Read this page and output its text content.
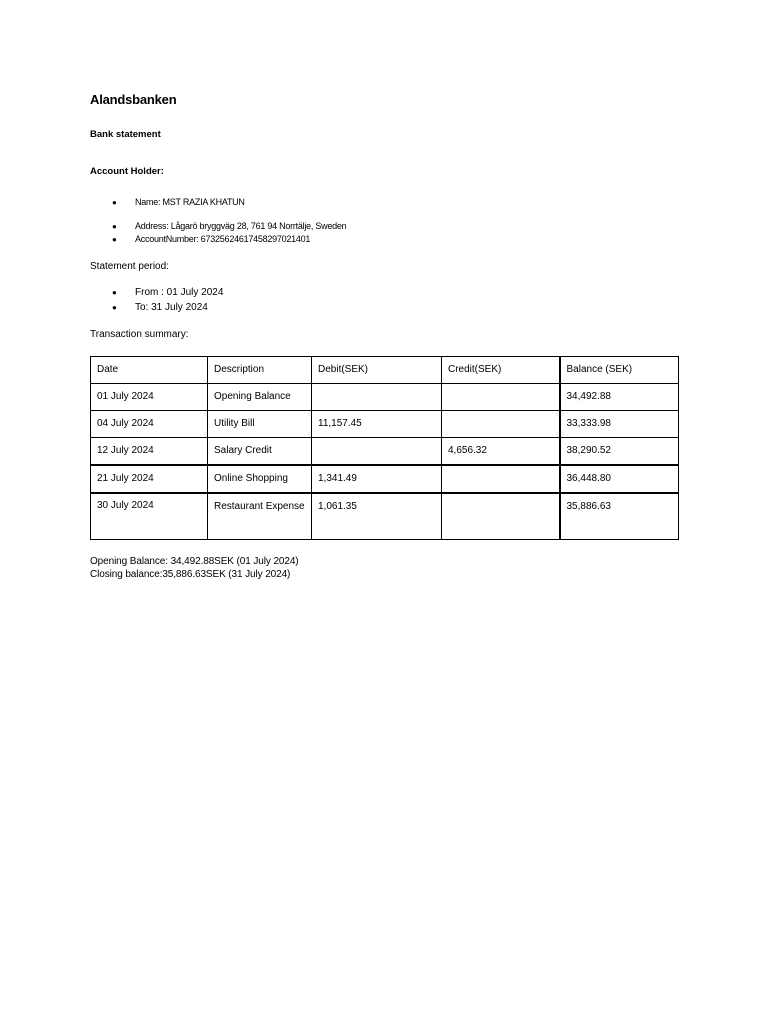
Alandsbanken
Bank statement
Account Holder:
● Name: MST RAZIA KHATUN
● Address: Lågarö bryggväg 28, 761 94 Norrtälje, Sweden
● AccountNumber: 67325624617458297021401
Statement period:
● From : 01 July 2024
● To: 31 July 2024
Transaction summary:
Date	Description	Debit(SEK)	Credit(SEK)	Balance (SEK)
01 July 2024	Opening Balance			34,492.88
04 July 2024	Utility Bill	11,157.45		33,333.98
12 July 2024	Salary Credit		4,656.32	38,290.52
21 July 2024	Online Shopping	1,341.49		36,448.80
30 July 2024	Restaurant Expense	1,061.35		35,886.63
Opening Balance: 34,492.88SEK (01 July 2024)
Closing balance:35,886.63SEK (31 July 2024)
